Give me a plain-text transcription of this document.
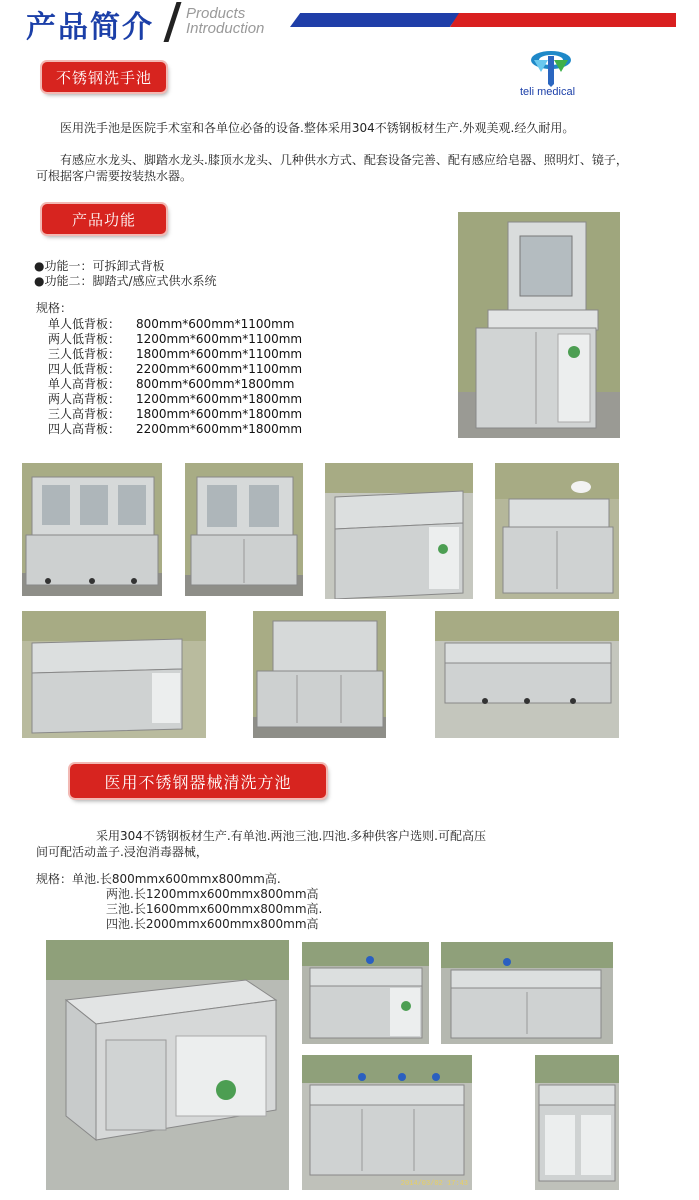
产品简介 Products
Introduction
teli medical
不锈钢洗手池
医用洗手池是医院手术室和各单位必备的设备.整体采用304不锈钢板材生产.外观美观.经久耐用。
有感应水龙头、脚踏水龙头.膝顶水龙头、几种供水方式、配套设备完善、配有感应给皂器、照明灯、镜子，可根据客户需要按装热水器。
产品功能
●功能一：可拆卸式背板
●功能二：脚踏式/感应式供水系统
规格：
单人低背板： 800mm*600mm*1100mm
两人低背板： 1200mm*600mm*1100mm
三人低背板： 1800mm*600mm*1100mm
四人低背板： 2200mm*600mm*1100mm
单人高背板： 800mm*600mm*1800mm
两人高背板： 1200mm*600mm*1800mm
三人高背板： 1800mm*600mm*1800mm
四人高背板： 2200mm*600mm*1800mm
医用不锈钢器械清洗方池
采用304不锈钢板材生产.有单池.两池三池.四池.多种供客户选则.可配高压
间可配活动盖子.浸泡消毒器械，
规格：单池.长800mmx600mmx800mm高.
两池.长1200mmx600mmx800mm高
三池.长1600mmx600mmx800mm高.
四池.长2000mmx600mmx800mm高
2014/03/02 17:43
